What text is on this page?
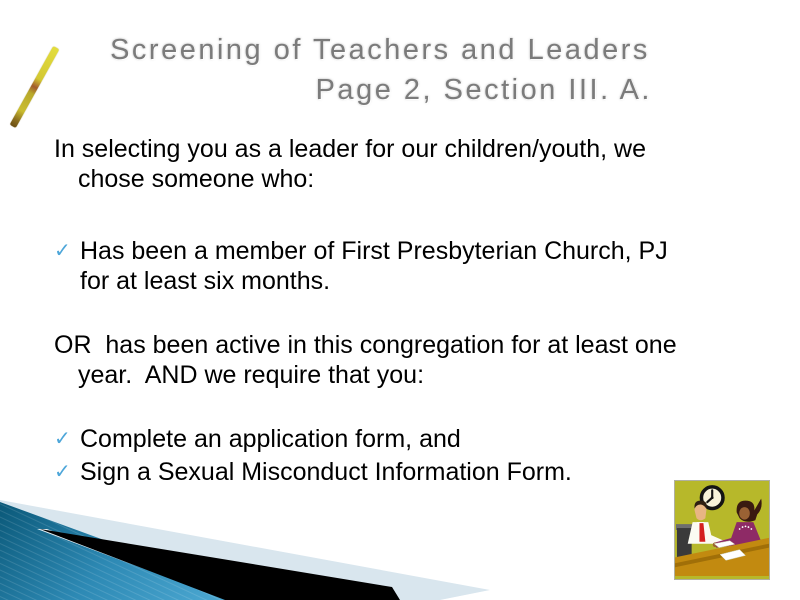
Screening of Teachers and Leaders
Page 2, Section III. A.
In selecting you as a leader for our children/youth, we
chose someone who:
✓ Has been a member of First Presbyterian Church, PJ
for at least six months.
OR  has been active in this congregation for at least one
year.  AND we require that you:
✓ Complete an application form, and
✓ Sign a Sexual Misconduct Information Form.
